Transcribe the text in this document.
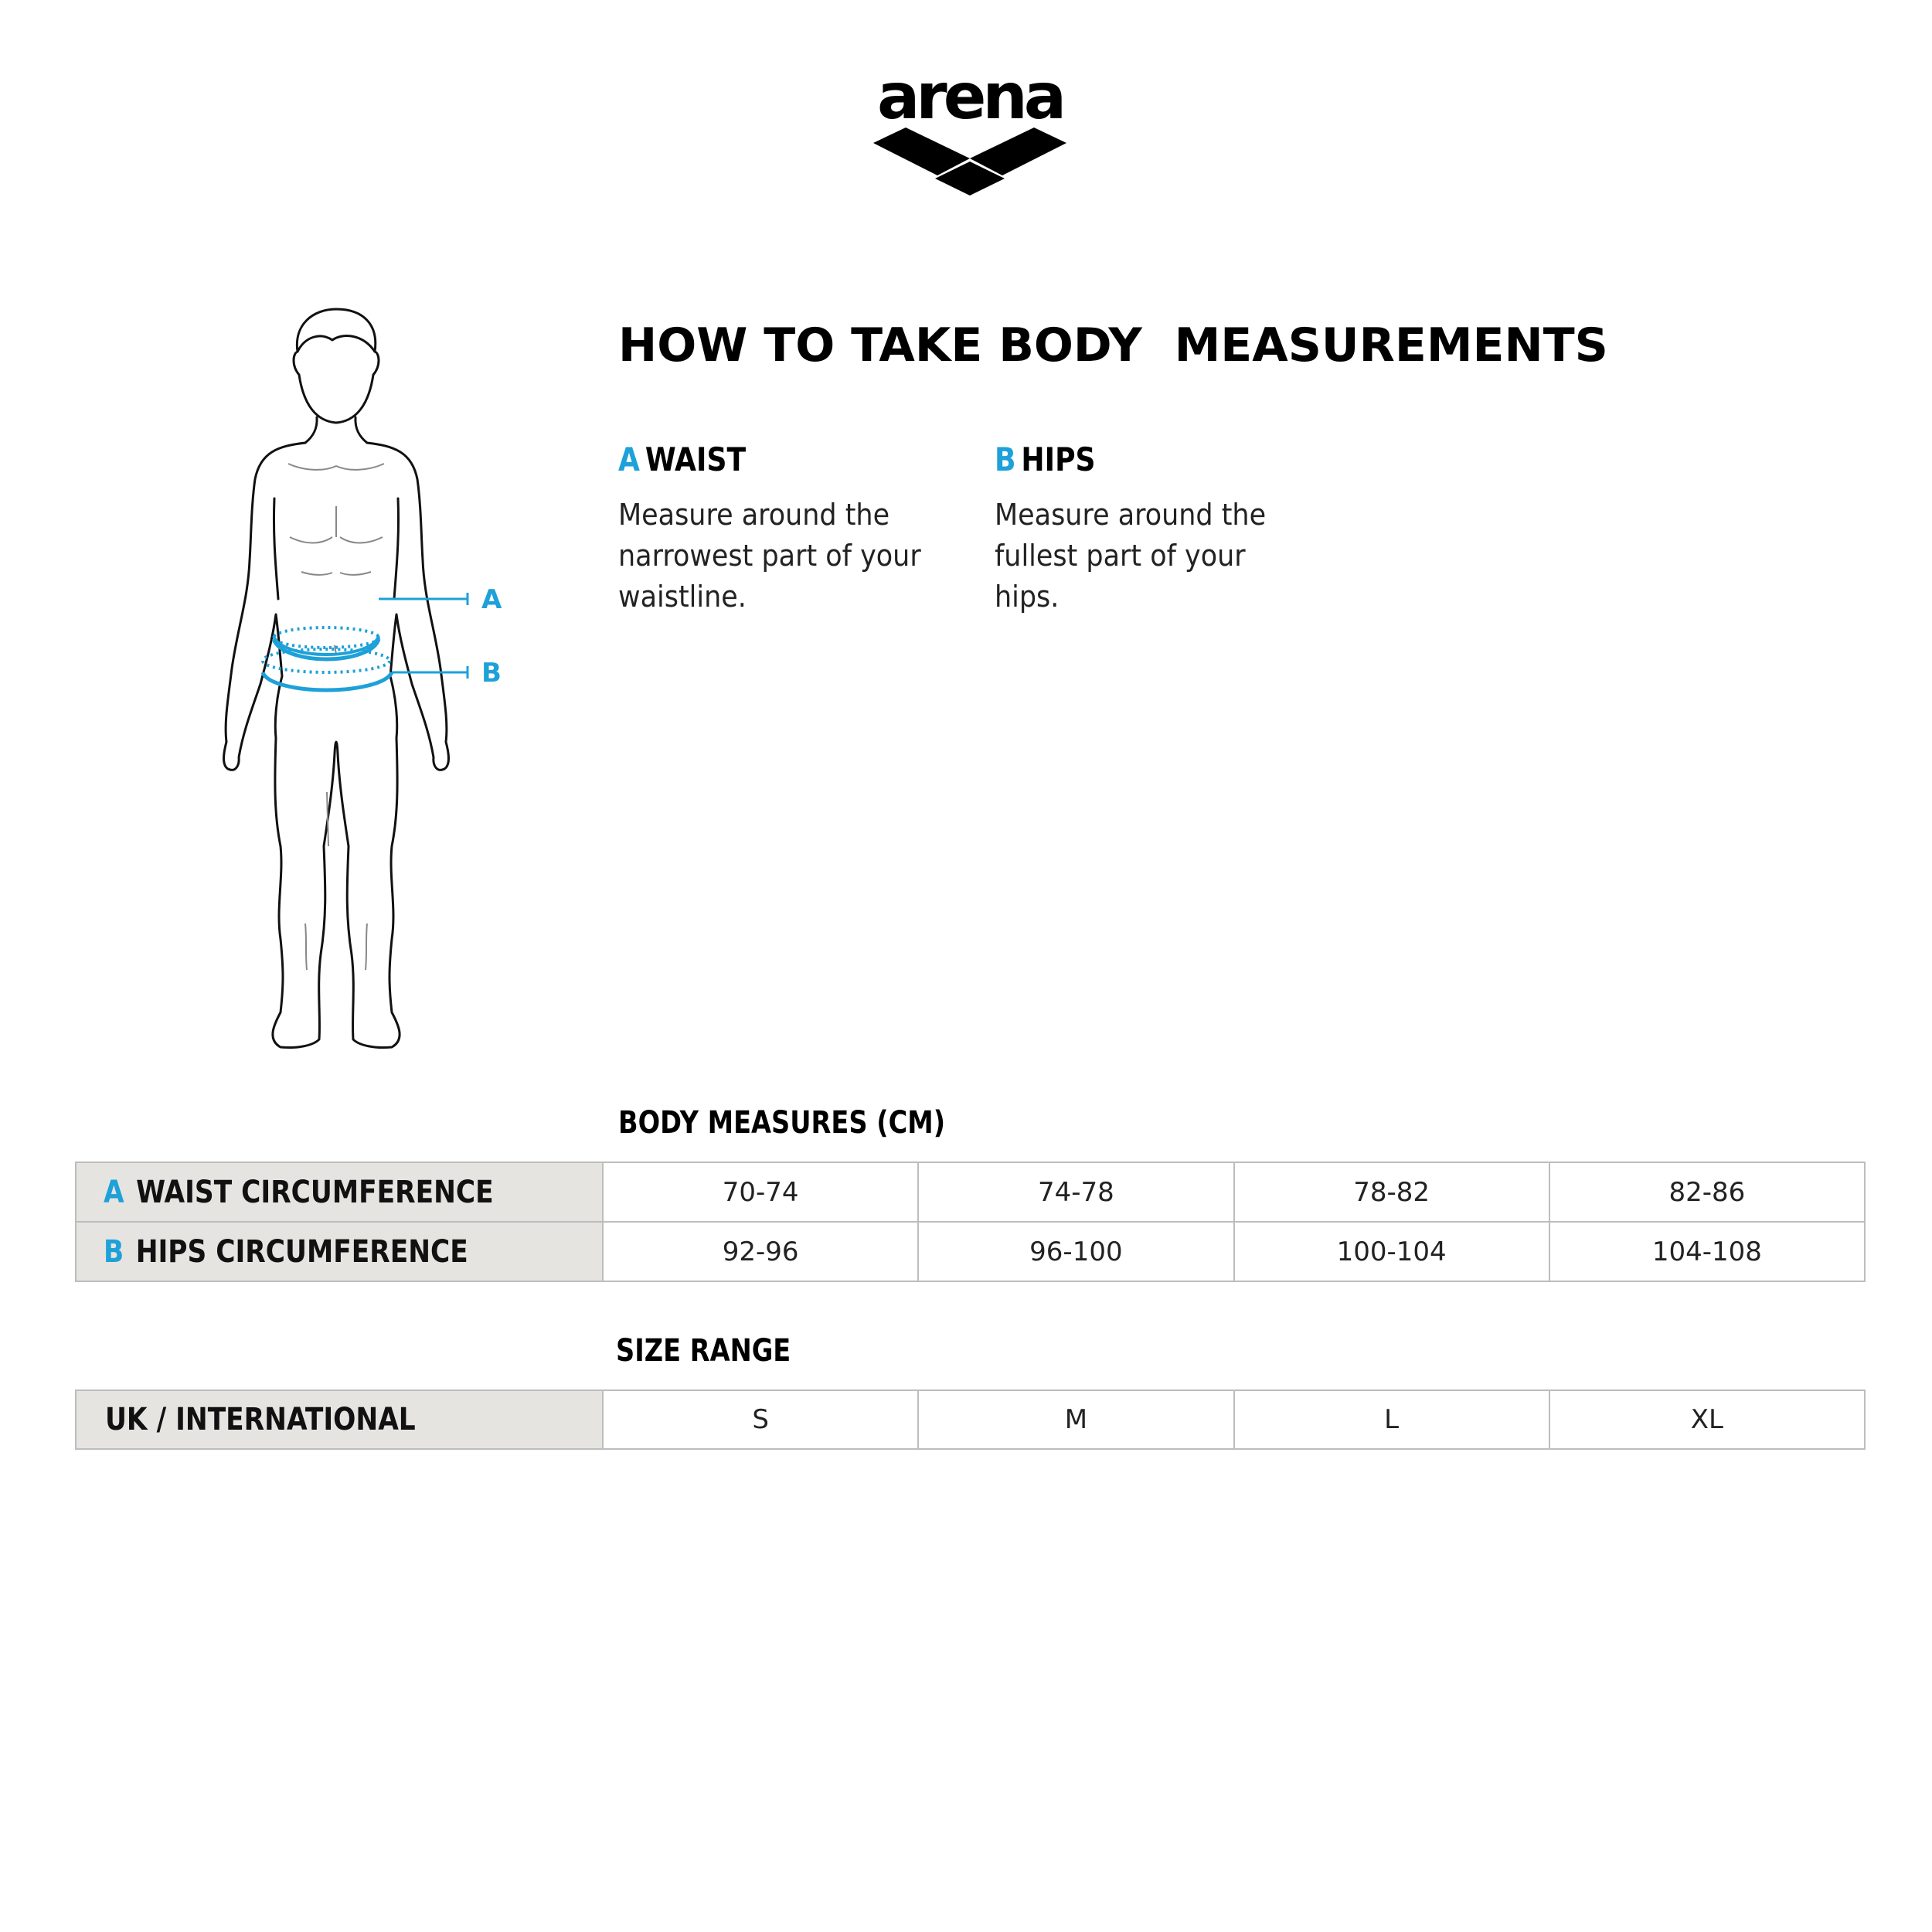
arena
A
B
HOW TO TAKE BODY  MEASUREMENTS
A WAIST

Measure around the narrowest part of your waistline.

B HIPS

Measure around the fullest part of your hips.

BODY MEASURES (CM)
A WAIST CIRCUMFERENCE	70-74	74-78	78-82	82-86
B HIPS CIRCUMFERENCE	92-96	96-100	100-104	104-108
SIZE RANGE
UK / INTERNATIONAL	S	M	L	XL
